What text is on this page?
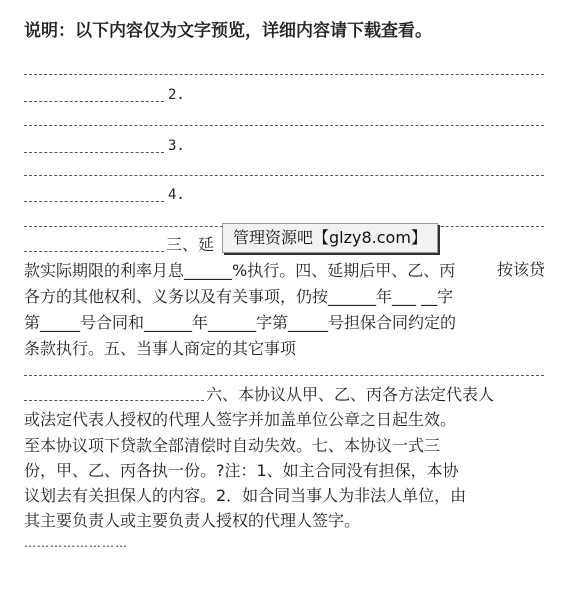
说明：以下内容仅为文字预览，详细内容请下载查看。
2.
3.
4.
三、延
按该贷
管理资源吧【glzy8.com】
款实际期限的利率月息______%执行。四、延期后甲、乙、丙
各方的其他权利、义务以及有关事项，仍按______年___ __字
第_____号合同和______年______字第_____号担保合同约定的
条款执行。五、当事人商定的其它事项
六、本协议从甲、乙、丙各方法定代表人
或法定代表人授权的代理人签字并加盖单位公章之日起生效。
至本协议项下贷款全部清偿时自动失效。七、本协议一式三
份，甲、乙、丙各执一份。?注：1、如主合同没有担保，本协
议划去有关担保人的内容。2．如合同当事人为非法人单位，由
其主要负责人或主要负责人授权的代理人签字。
……………………
